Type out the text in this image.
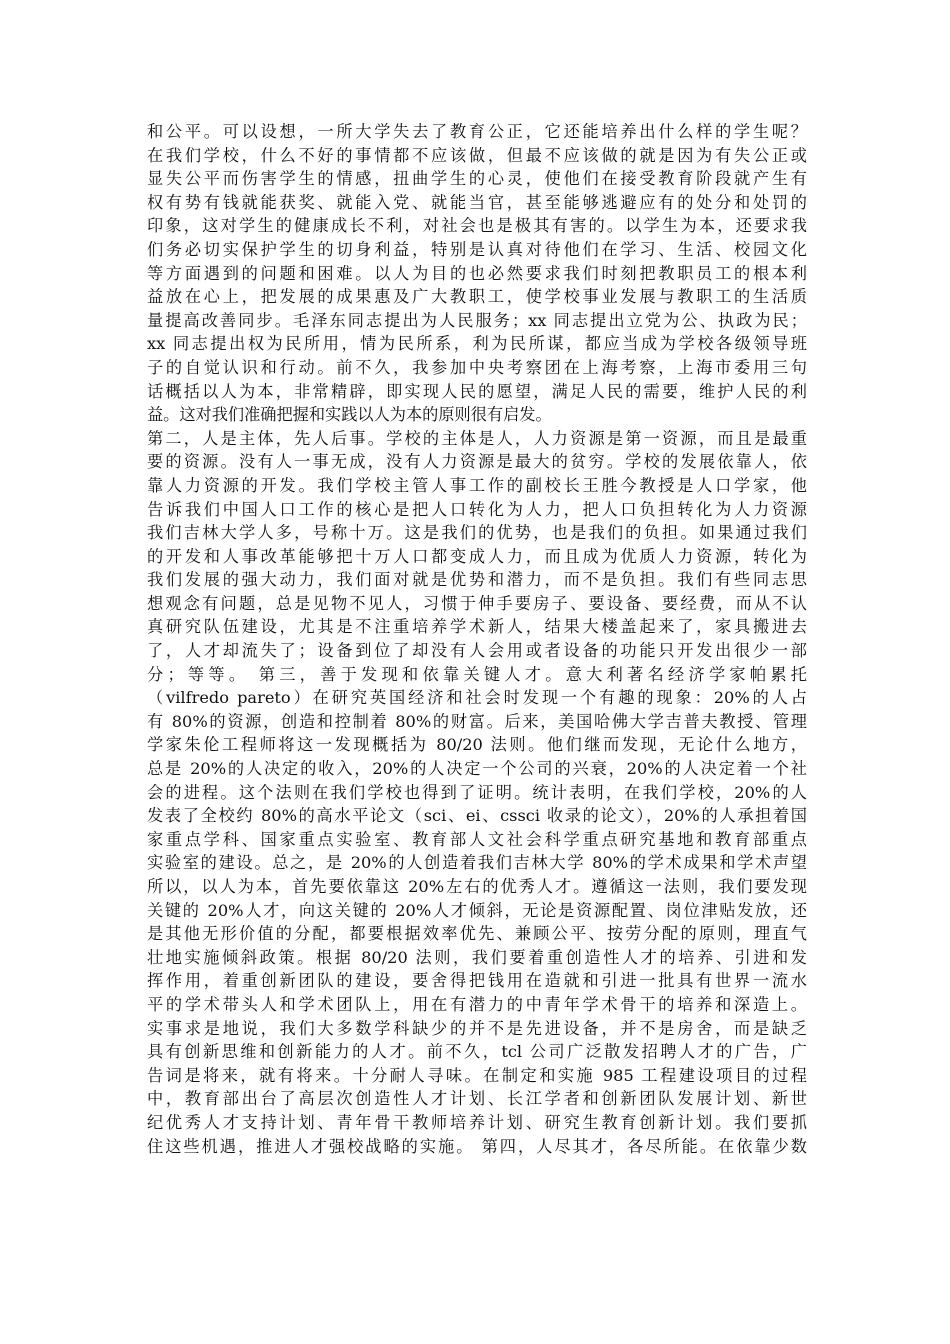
和公平。可以设想，一所大学失去了教育公正，它还能培养出什么样的学生呢？
在我们学校，什么不好的事情都不应该做，但最不应该做的就是因为有失公正或
显失公平而伤害学生的情感，扭曲学生的心灵，使他们在接受教育阶段就产生有
权有势有钱就能获奖、就能入党、就能当官，甚至能够逃避应有的处分和处罚的
印象，这对学生的健康成长不利，对社会也是极其有害的。以学生为本，还要求我
们务必切实保护学生的切身利益，特别是认真对待他们在学习、生活、校园文化
等方面遇到的问题和困难。以人为目的也必然要求我们时刻把教职员工的根本利
益放在心上，把发展的成果惠及广大教职工，使学校事业发展与教职工的生活质
量提高改善同步。毛泽东同志提出为人民服务；xx 同志提出立党为公、执政为民；
xx 同志提出权为民所用，情为民所系，利为民所谋，都应当成为学校各级领导班
子的自觉认识和行动。前不久，我参加中央考察团在上海考察，上海市委用三句
话概括以人为本，非常精辟，即实现人民的愿望，满足人民的需要，维护人民的利
益。这对我们准确把握和实践以人为本的原则很有启发。
第二，人是主体，先人后事。学校的主体是人，人力资源是第一资源，而且是最重
要的资源。没有人一事无成，没有人力资源是最大的贫穷。学校的发展依靠人，依
靠人力资源的开发。我们学校主管人事工作的副校长王胜今教授是人口学家，他
告诉我们中国人口工作的核心是把人口转化为人力，把人口负担转化为人力资源
我们吉林大学人多，号称十万。这是我们的优势，也是我们的负担。如果通过我们
的开发和人事改革能够把十万人口都变成人力，而且成为优质人力资源，转化为
我们发展的强大动力，我们面对就是优势和潜力，而不是负担。我们有些同志思
想观念有问题，总是见物不见人，习惯于伸手要房子、要设备、要经费，而从不认
真研究队伍建设，尤其是不注重培养学术新人，结果大楼盖起来了，家具搬进去
了，人才却流失了；设备到位了却没有人会用或者设备的功能只开发出很少一部
分；等等。 第三，善于发现和依靠关键人才。意大利著名经济学家帕累托
（vilfredo pareto）在研究英国经济和社会时发现一个有趣的现象：20%的人占
有 80%的资源，创造和控制着 80%的财富。后来，美国哈佛大学吉普夫教授、管理
学家朱伦工程师将这一发现概括为 80/20 法则。他们继而发现，无论什么地方，
总是 20%的人决定的收入，20%的人决定一个公司的兴衰，20%的人决定着一个社
会的进程。这个法则在我们学校也得到了证明。统计表明，在我们学校，20%的人
发表了全校约 80%的高水平论文（sci、ei、cssci 收录的论文），20%的人承担着国
家重点学科、国家重点实验室、教育部人文社会科学重点研究基地和教育部重点
实验室的建设。总之，是 20%的人创造着我们吉林大学 80%的学术成果和学术声望
所以，以人为本，首先要依靠这 20%左右的优秀人才。遵循这一法则，我们要发现
关键的 20%人才，向这关键的 20%人才倾斜，无论是资源配置、岗位津贴发放，还
是其他无形价值的分配，都要根据效率优先、兼顾公平、按劳分配的原则，理直气
壮地实施倾斜政策。根据 80/20 法则，我们要着重创造性人才的培养、引进和发
挥作用，着重创新团队的建设，要舍得把钱用在造就和引进一批具有世界一流水
平的学术带头人和学术团队上，用在有潜力的中青年学术骨干的培养和深造上。
实事求是地说，我们大多数学科缺少的并不是先进设备，并不是房舍，而是缺乏
具有创新思维和创新能力的人才。前不久，tcl 公司广泛散发招聘人才的广告，广
告词是将来，就有将来。十分耐人寻味。在制定和实施 985 工程建设项目的过程
中，教育部出台了高层次创造性人才计划、长江学者和创新团队发展计划、新世
纪优秀人才支持计划、青年骨干教师培养计划、研究生教育创新计划。我们要抓
住这些机遇，推进人才强校战略的实施。 第四，人尽其才，各尽所能。在依靠少数
